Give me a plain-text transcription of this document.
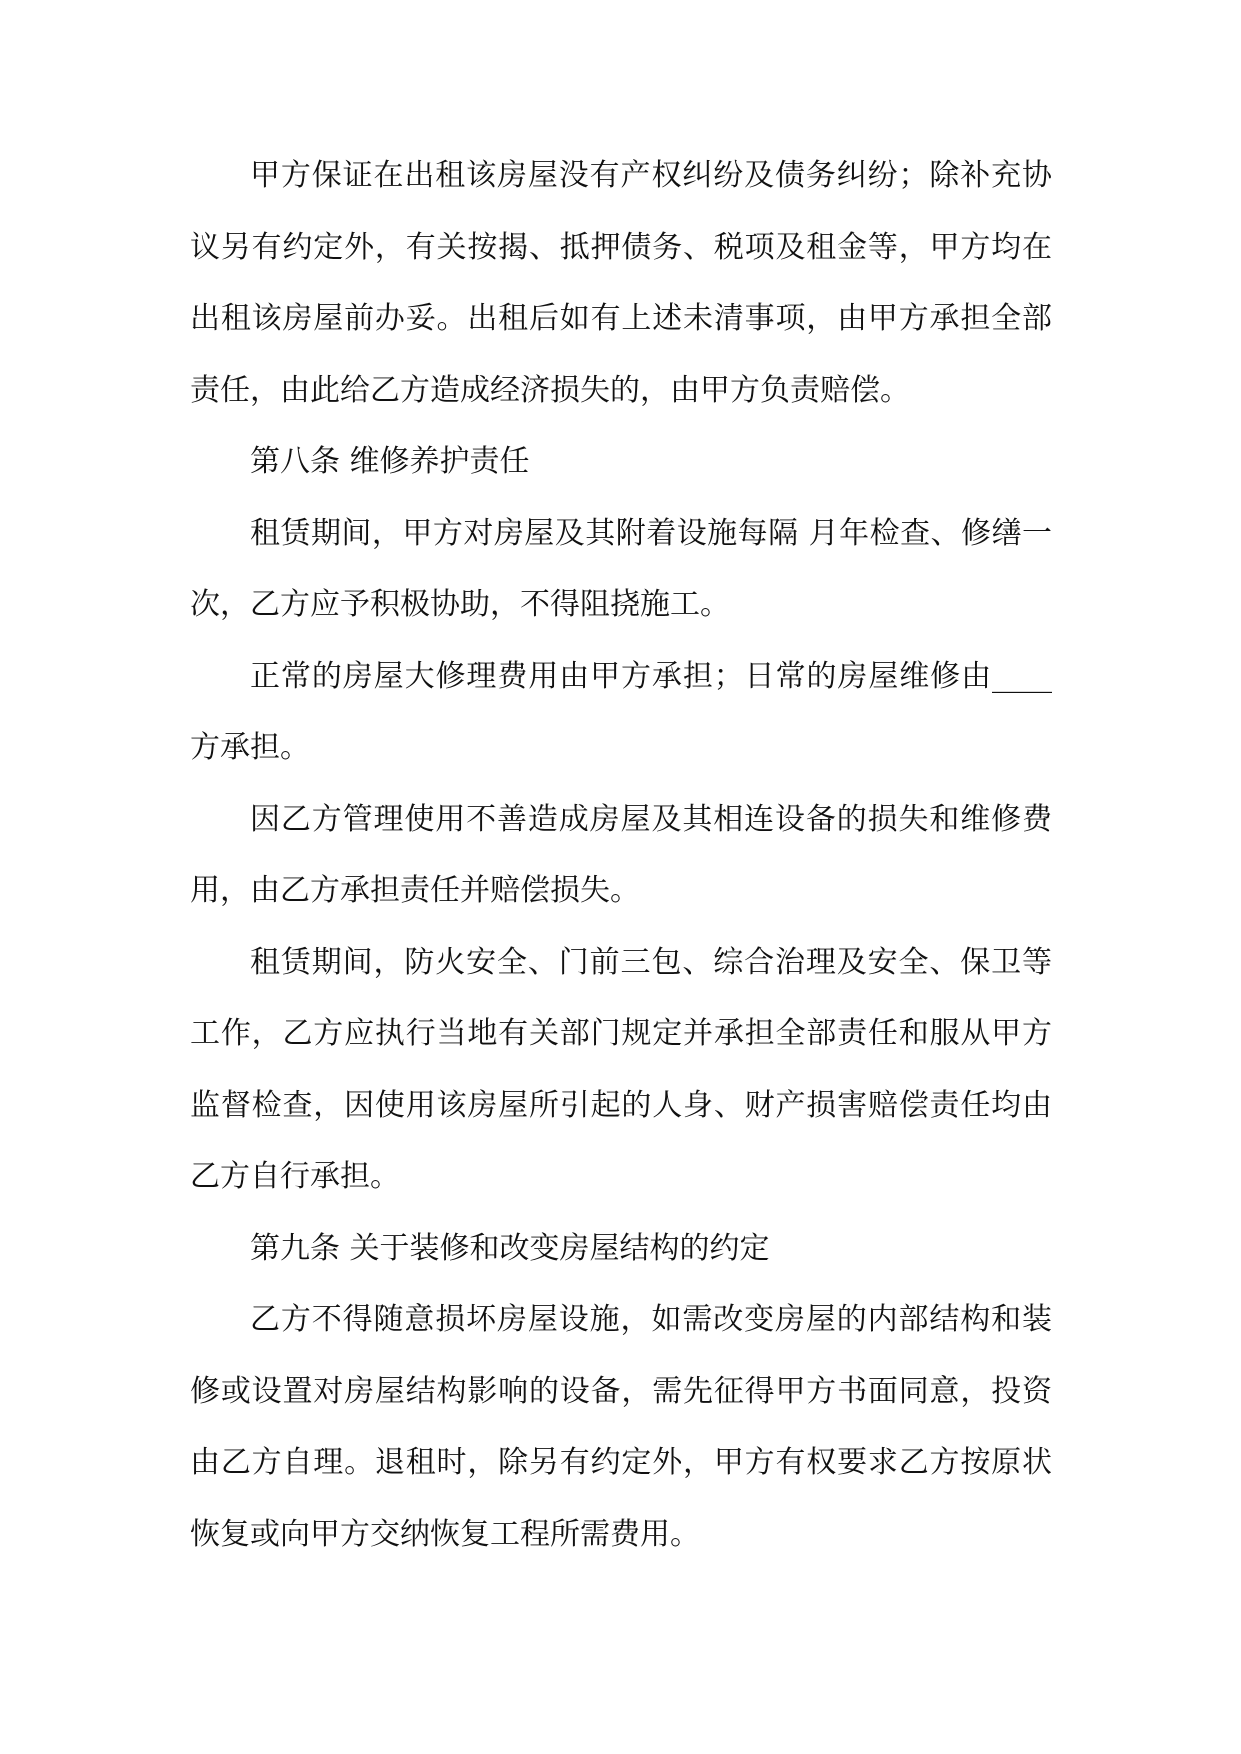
甲方保证在出租该房屋没有产权纠纷及债务纠纷；除补充协议另有约定外，有关按揭、抵押债务、税项及租金等，甲方均在出租该房屋前办妥。出租后如有上述未清事项，由甲方承担全部责任，由此给乙方造成经济损失的，由甲方负责赔偿。

第八条 维修养护责任

租赁期间，甲方对房屋及其附着设施每隔 月年检查、修缮一次，乙方应予积极协助，不得阻挠施工。

正常的房屋大修理费用由甲方承担；日常的房屋维修由____方承担。

因乙方管理使用不善造成房屋及其相连设备的损失和维修费用，由乙方承担责任并赔偿损失。

租赁期间，防火安全、门前三包、综合治理及安全、保卫等工作，乙方应执行当地有关部门规定并承担全部责任和服从甲方监督检查，因使用该房屋所引起的人身、财产损害赔偿责任均由乙方自行承担。

第九条 关于装修和改变房屋结构的约定

乙方不得随意损坏房屋设施，如需改变房屋的内部结构和装修或设置对房屋结构影响的设备，需先征得甲方书面同意，投资由乙方自理。退租时，除另有约定外，甲方有权要求乙方按原状恢复或向甲方交纳恢复工程所需费用。
